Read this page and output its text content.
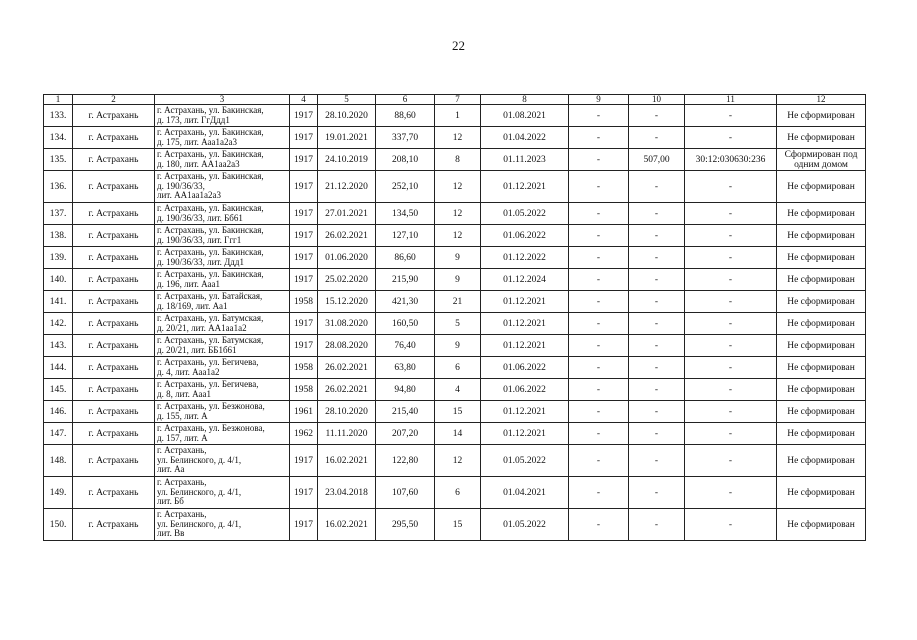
22
1	2	3	4	5	6	7	8	9	10	11	12
133.	г. Астрахань	г. Астрахань, ул. Бакинская,
д. 173, лит. ГгДдд1	1917	28.10.2020	88,60	1	01.08.2021	-	-	-	Не сформирован
134.	г. Астрахань	г. Астрахань, ул. Бакинская,
д. 175, лит. Ааа1а2а3	1917	19.01.2021	337,70	12	01.04.2022	-	-	-	Не сформирован
135.	г. Астрахань	г. Астрахань, ул. Бакинская,
д. 180, лит. АА1аа2а3	1917	24.10.2019	208,10	8	01.11.2023	-	507,00	30:12:030630:236	Сформирован под одним домом
136.	г. Астрахань	г. Астрахань, ул. Бакинская,
д. 190/36/33,
лит. АА1аа1а2а3	1917	21.12.2020	252,10	12	01.12.2021	-	-	-	Не сформирован
137.	г. Астрахань	г. Астрахань, ул. Бакинская,
д. 190/36/33, лит. Бб61	1917	27.01.2021	134,50	12	01.05.2022	-	-	-	Не сформирован
138.	г. Астрахань	г. Астрахань, ул. Бакинская,
д. 190/36/33, лит. Ггг1	1917	26.02.2021	127,10	12	01.06.2022	-	-	-	Не сформирован
139.	г. Астрахань	г. Астрахань, ул. Бакинская,
д. 190/36/33, лит. Ддд1	1917	01.06.2020	86,60	9	01.12.2022	-	-	-	Не сформирован
140.	г. Астрахань	г. Астрахань, ул. Бакинская,
д. 196, лит. Ааа1	1917	25.02.2020	215,90	9	01.12.2024	-	-	-	Не сформирован
141.	г. Астрахань	г. Астрахань, ул. Батайская,
д. 18/169, лит. Аа1	1958	15.12.2020	421,30	21	01.12.2021	-	-	-	Не сформирован
142.	г. Астрахань	г. Астрахань, ул. Батумская,
д. 20/21, лит. АА1аа1а2	1917	31.08.2020	160,50	5	01.12.2021	-	-	-	Не сформирован
143.	г. Астрахань	г. Астрахань, ул. Батумская,
д. 20/21, лит. ББ1б61	1917	28.08.2020	76,40	9	01.12.2021	-	-	-	Не сформирован
144.	г. Астрахань	г. Астрахань, ул. Бегичева,
д. 4, лит. Ааа1а2	1958	26.02.2021	63,80	6	01.06.2022	-	-	-	Не сформирован
145.	г. Астрахань	г. Астрахань, ул. Бегичева,
д. 8, лит. Ааа1	1958	26.02.2021	94,80	4	01.06.2022	-	-	-	Не сформирован
146.	г. Астрахань	г. Астрахань, ул. Безжонова,
д. 155, лит. А	1961	28.10.2020	215,40	15	01.12.2021	-	-	-	Не сформирован
147.	г. Астрахань	г. Астрахань, ул. Безжонова,
д. 157, лит. А	1962	11.11.2020	207,20	14	01.12.2021	-	-	-	Не сформирован
148.	г. Астрахань	г. Астрахань,
ул. Белинского, д. 4/1,
лит. Аа	1917	16.02.2021	122,80	12	01.05.2022	-	-	-	Не сформирован
149.	г. Астрахань	г. Астрахань,
ул. Белинского, д. 4/1,
лит. Бб	1917	23.04.2018	107,60	6	01.04.2021	-	-	-	Не сформирован
150.	г. Астрахань	г. Астрахань,
ул. Белинского, д. 4/1,
лит. Вв	1917	16.02.2021	295,50	15	01.05.2022	-	-	-	Не сформирован
